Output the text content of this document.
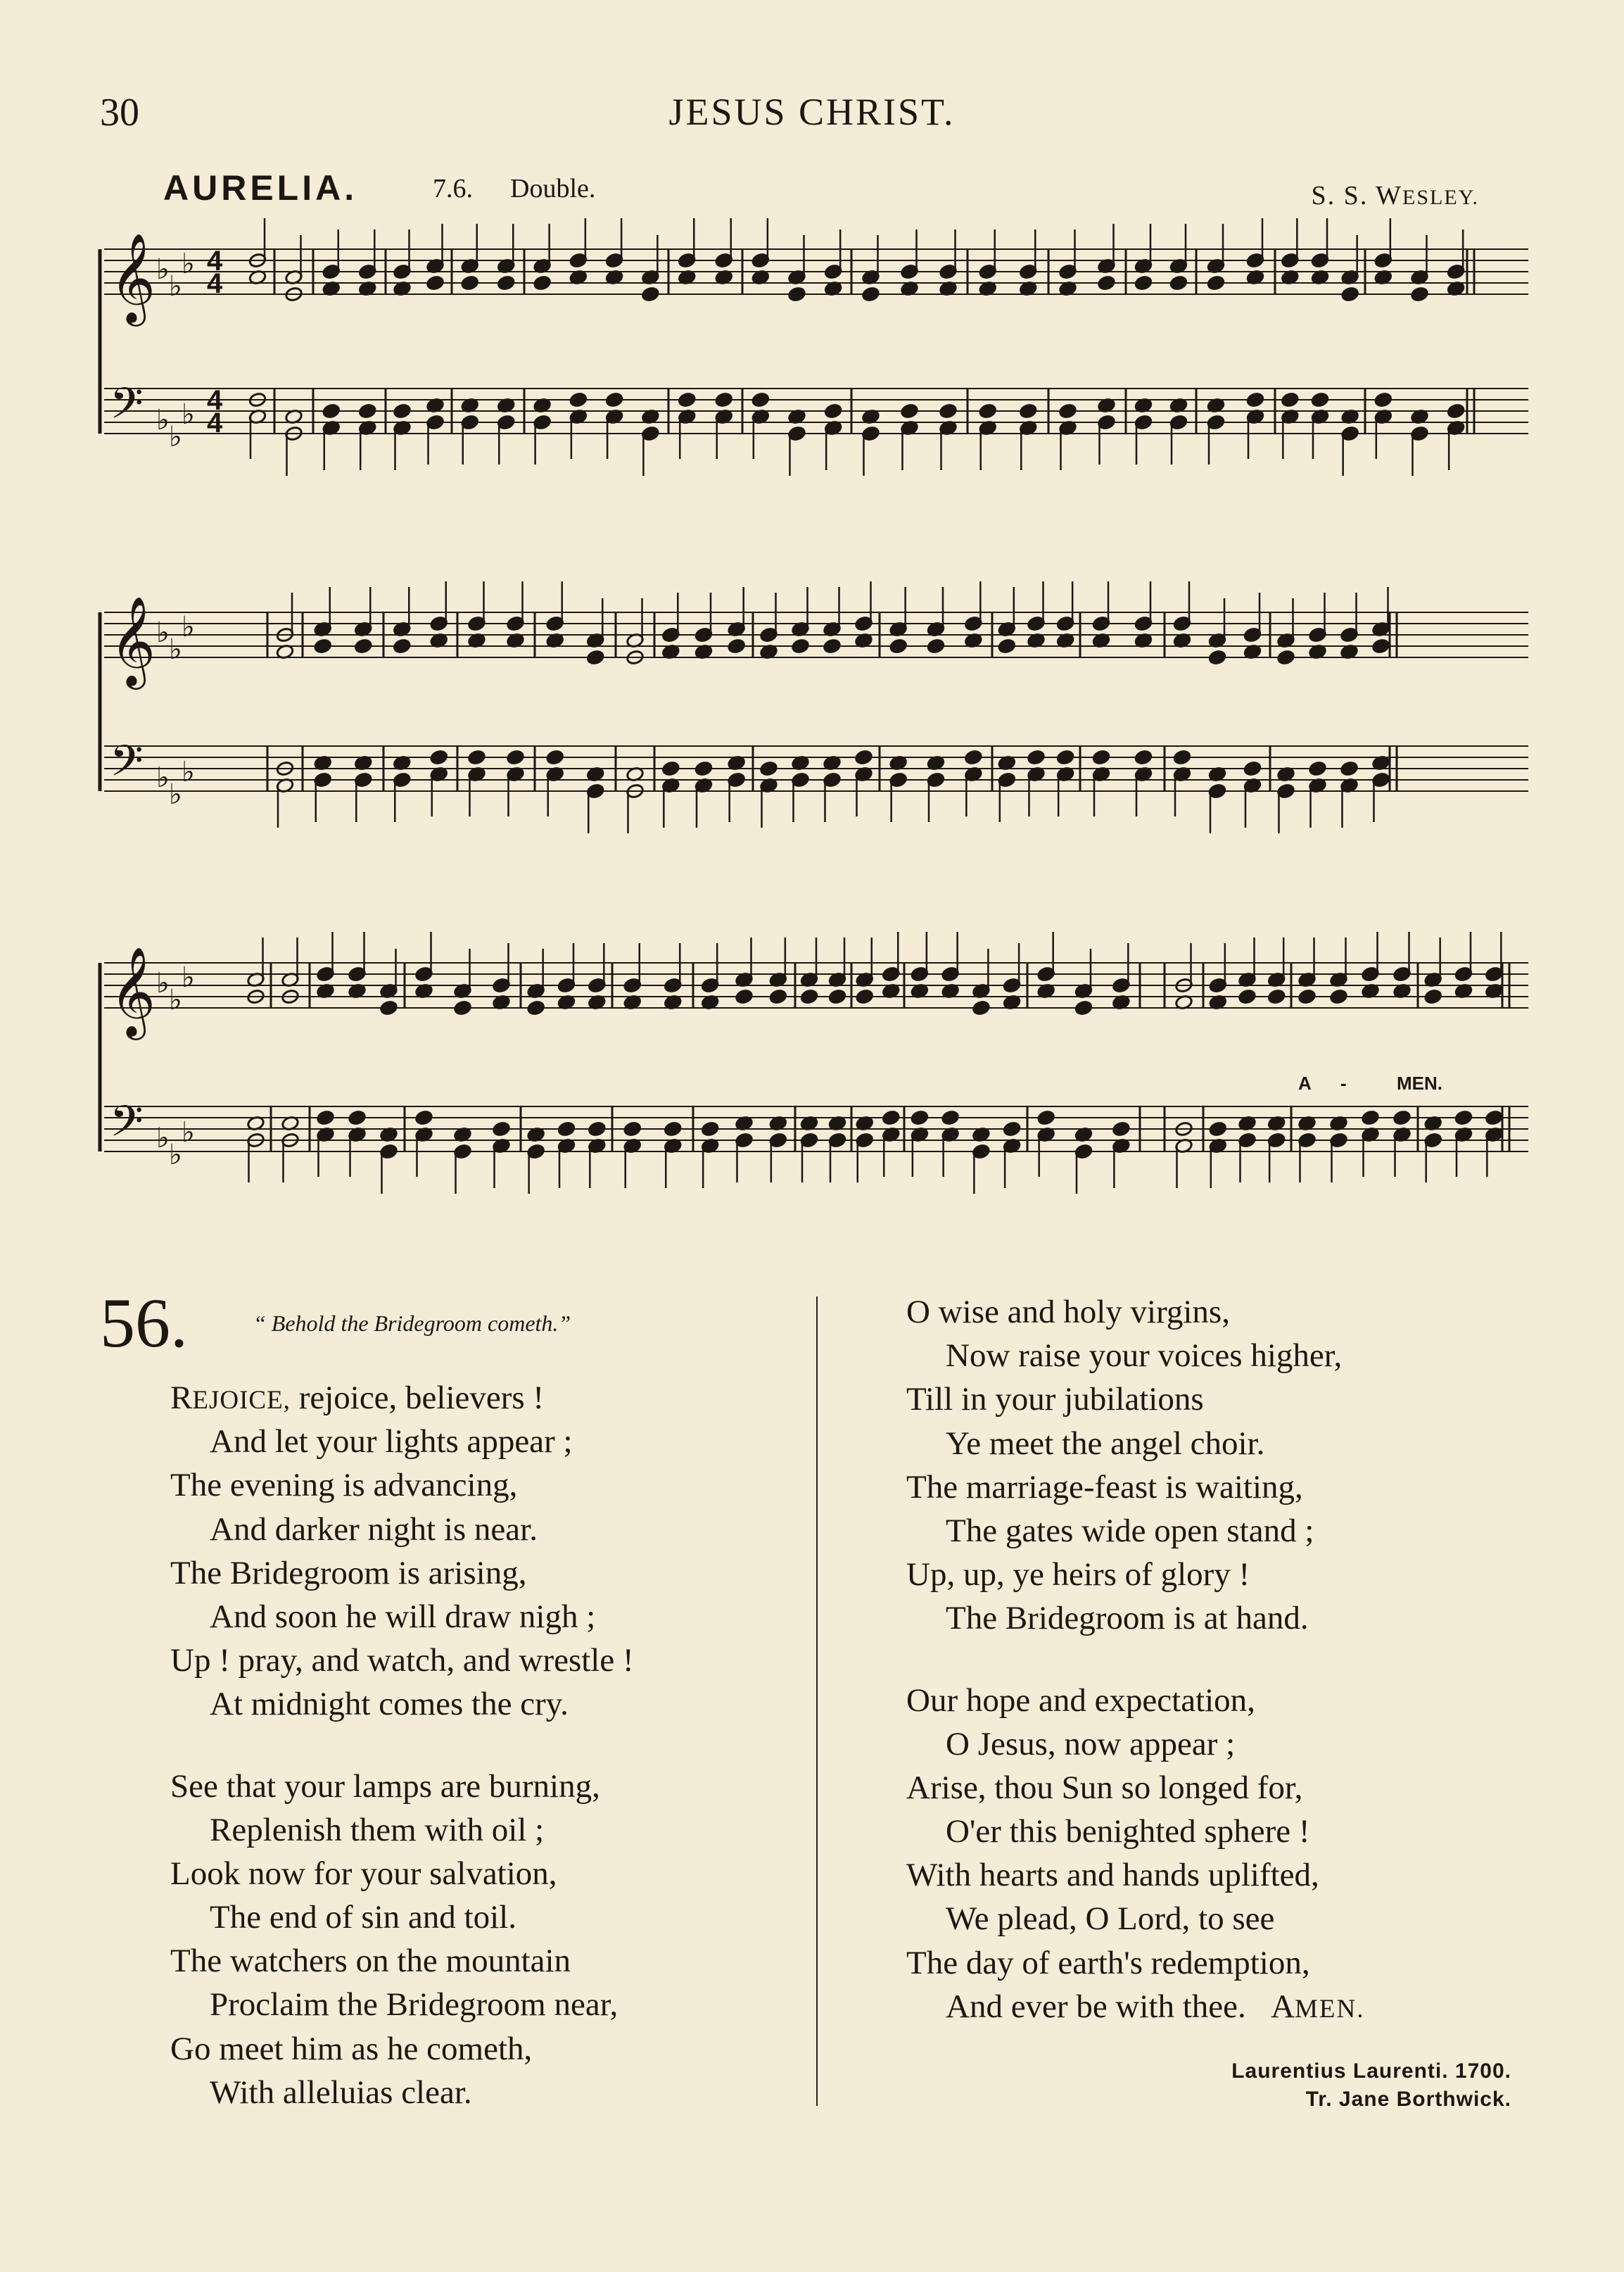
30	JESUS CHRIST.
AURELIA.	7.6. Double.	S. S. WESLEY.
𝄞 ♭
♭
♭ 4
4
𝄢 ♭
♭
♭ 4
4
𝄞 ♭
♭
♭
𝄢 ♭
♭
♭
𝄞 ♭
♭
♭
𝄢 ♭
♭
♭
A -	MEN.
56.	“ Behold the Bridegroom cometh.”
REJOICE, rejoice, believers !
And let your lights appear ;
The evening is advancing,
And darker night is near.
The Bridegroom is arising,
And soon he will draw nigh ;
Up ! pray, and watch, and wrestle !
At midnight comes the cry.
See that your lamps are burning,
Replenish them with oil ;
Look now for your salvation,
The end of sin and toil.
The watchers on the mountain
Proclaim the Bridegroom near,
Go meet him as he cometh,
With alleluias clear.
O wise and holy virgins,
Now raise your voices higher,
Till in your jubilations
Ye meet the angel choir.
The marriage-feast is waiting,
The gates wide open stand ;
Up, up, ye heirs of glory !
The Bridegroom is at hand.
Our hope and expectation,
O Jesus, now appear ;
Arise, thou Sun so longed for,
O'er this benighted sphere !
With hearts and hands uplifted,
We plead, O Lord, to see
The day of earth's redemption,
And ever be with thee. AMEN.
Laurentius Laurenti. 1700.
Tr. Jane Borthwick.
